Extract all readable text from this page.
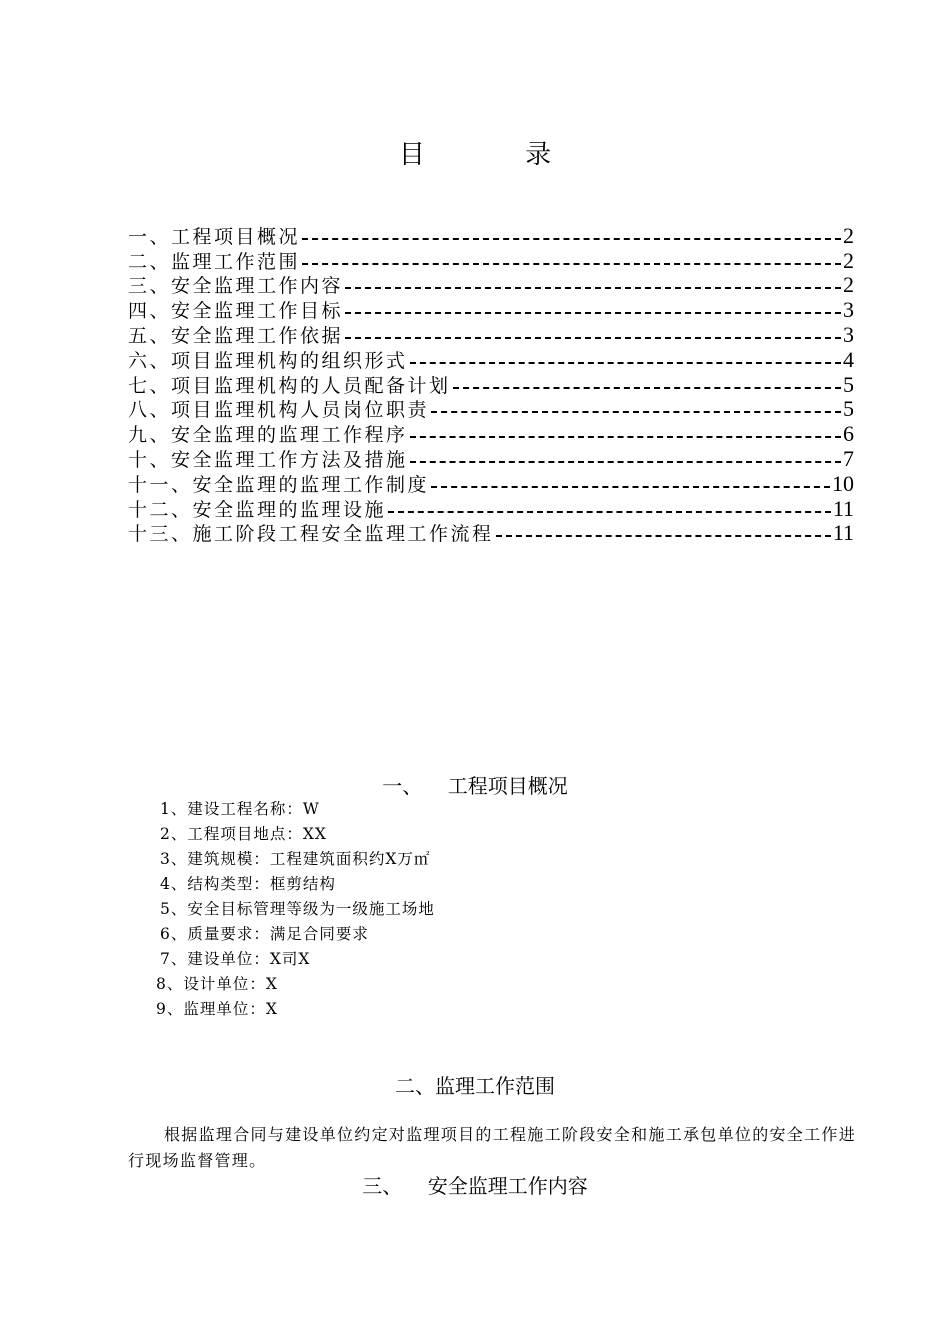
目 录
一、工程项目概况	2
二、监理工作范围	2
三、安全监理工作内容	2
四、安全监理工作目标	3
五、安全监理工作依据	3
六、项目监理机构的组织形式	4
七、项目监理机构的人员配备计划	5
八、项目监理机构人员岗位职责	5
九、安全监理的监理工作程序	6
十、安全监理工作方法及措施	7
十一、安全监理的监理工作制度	10
十二、安全监理的监理设施	11
十三、施工阶段工程安全监理工作流程	11
一、    工程项目概况
1、建设工程名称：W
2、工程项目地点：XX
3、建筑规模：工程建筑面积约X万㎡
4、结构类型：框剪结构
5、安全目标管理等级为一级施工场地
6、质量要求：满足合同要求
7、建设单位：X司X
8、设计单位：X
9、监理单位：X
二、监理工作范围
根据监理合同与建设单位约定对监理项目的工程施工阶段安全和施工承包单位的安全工作进行现场监督管理。
三、    安全监理工作内容
